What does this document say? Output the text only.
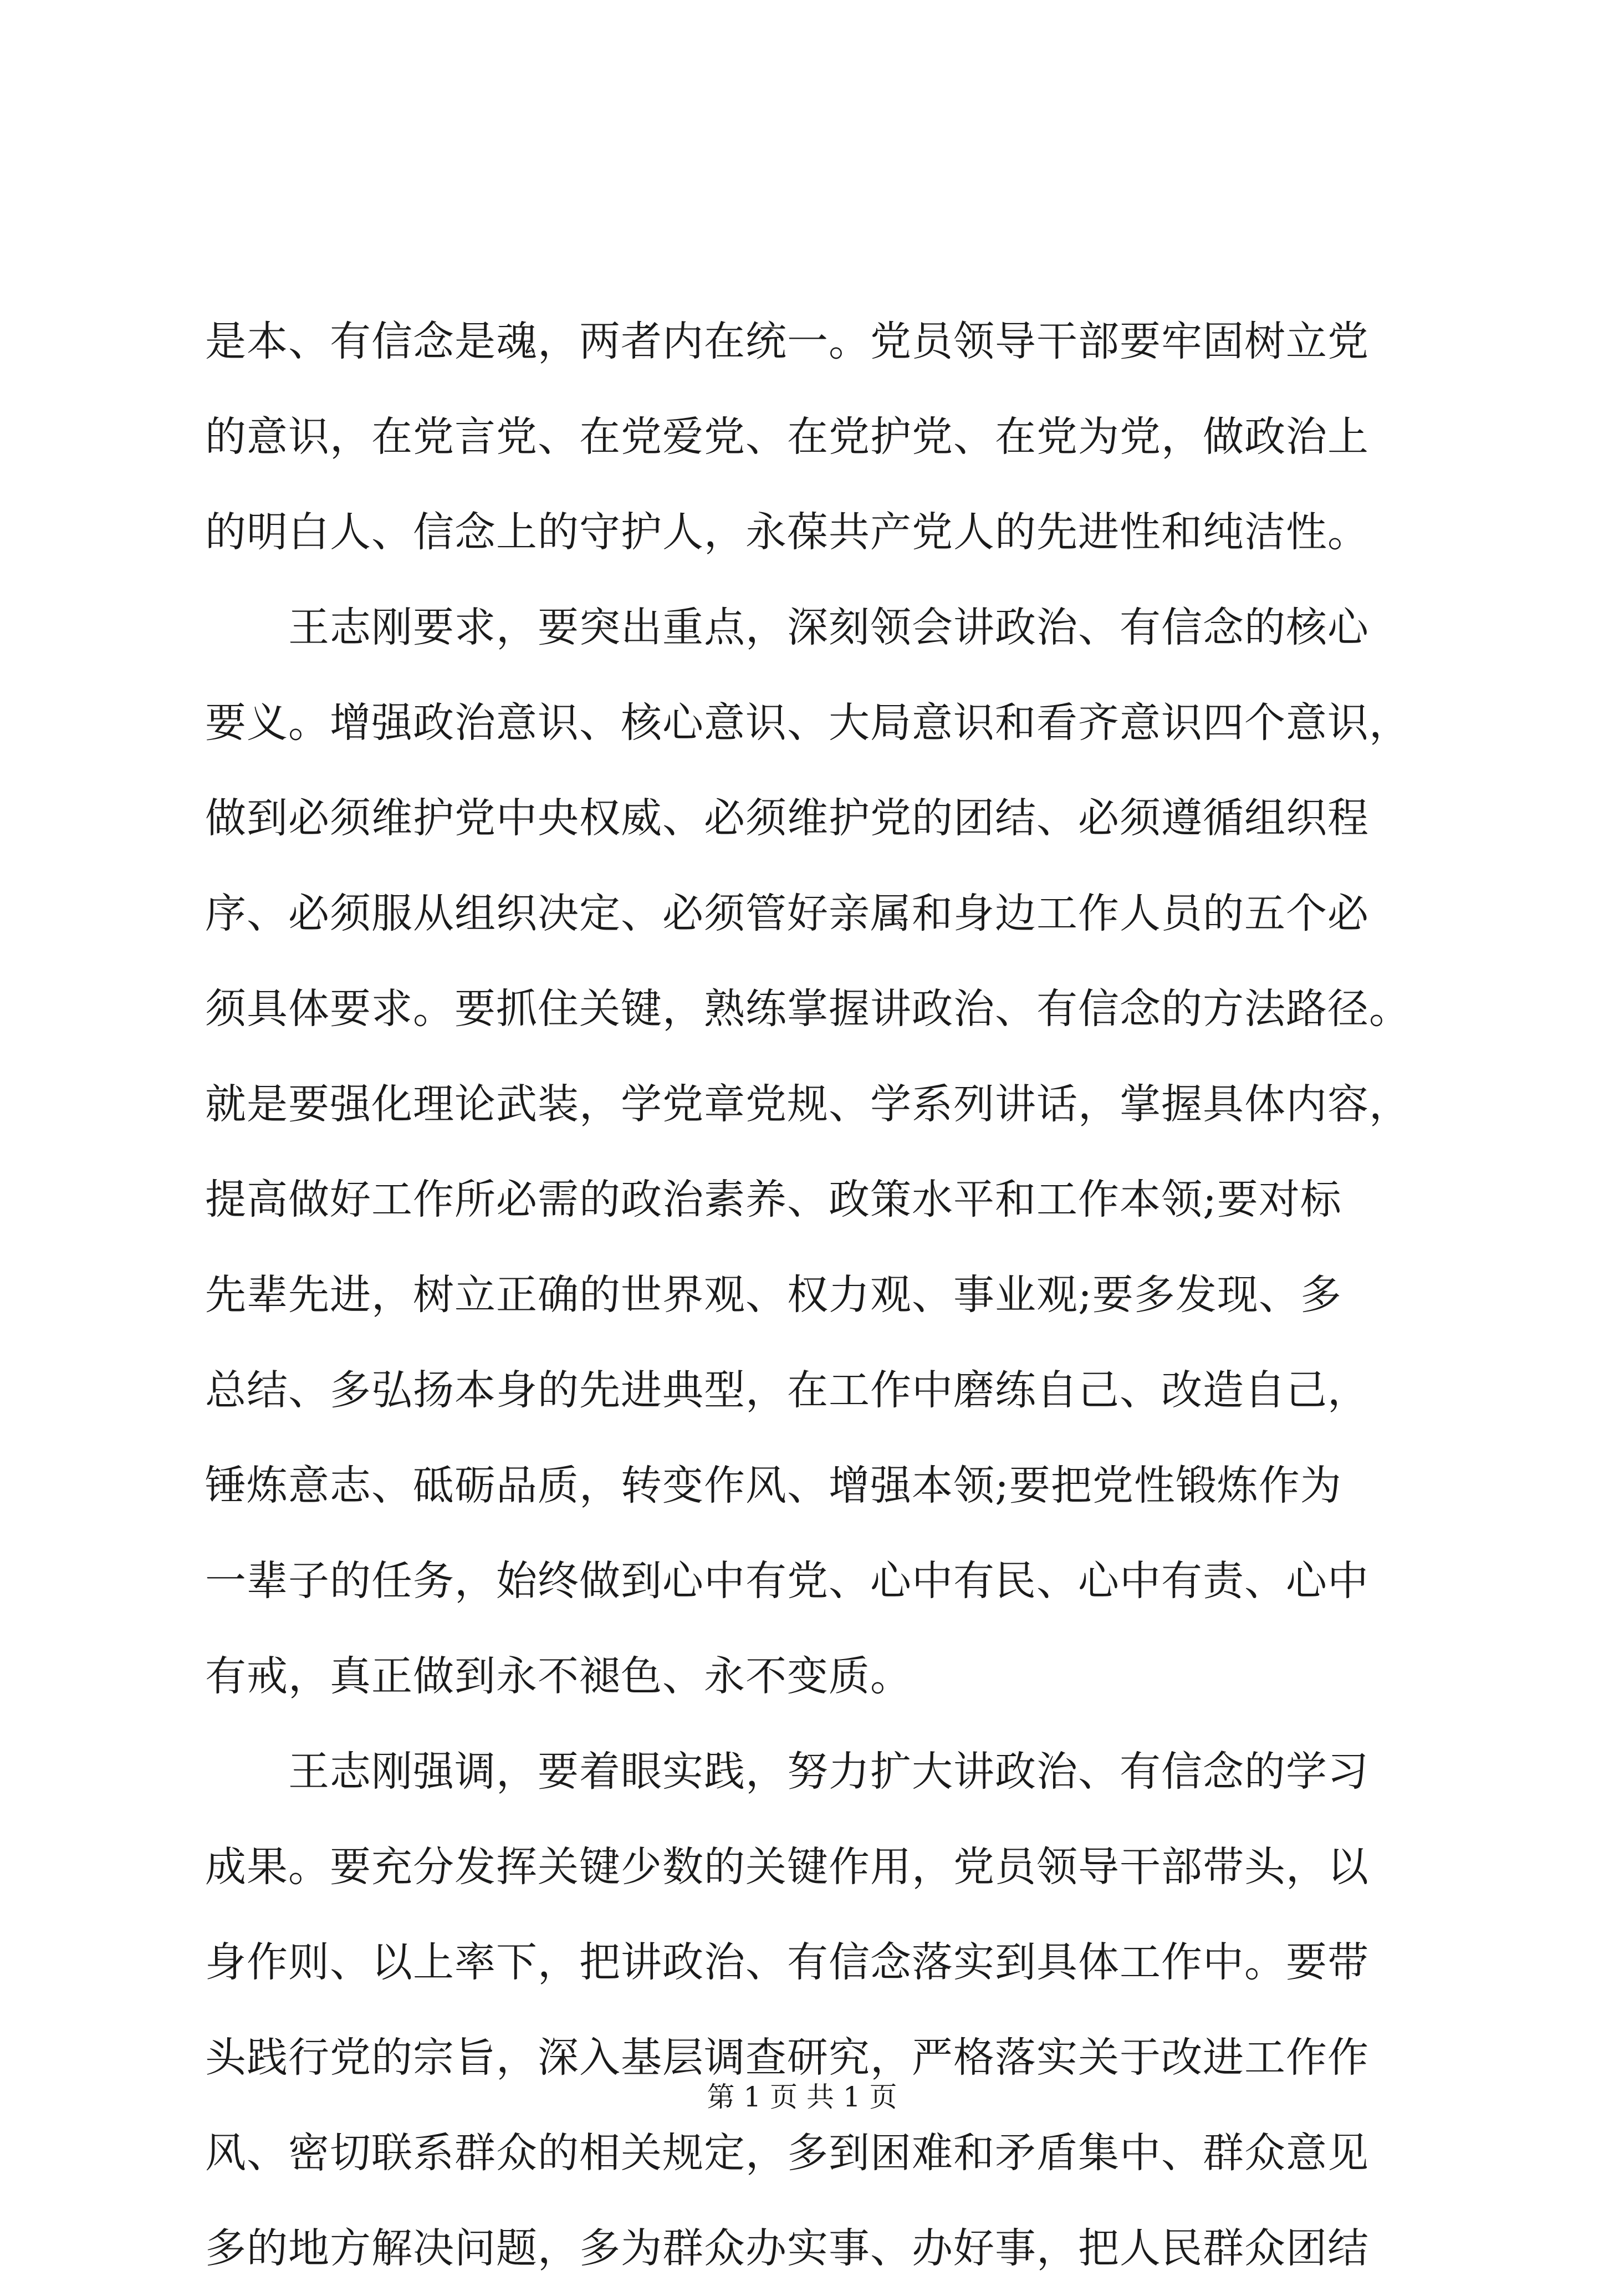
是本、有信念是魂，两者内在统一。党员领导干部要牢固树立党
的意识，在党言党、在党爱党、在党护党、在党为党，做政治上
的明白人、信念上的守护人，永葆共产党人的先进性和纯洁性。
　　王志刚要求，要突出重点，深刻领会讲政治、有信念的核心
要义。增强政治意识、核心意识、大局意识和看齐意识四个意识，
做到必须维护党中央权威、必须维护党的团结、必须遵循组织程
序、必须服从组织决定、必须管好亲属和身边工作人员的五个必
须具体要求。要抓住关键，熟练掌握讲政治、有信念的方法路径。
就是要强化理论武装，学党章党规、学系列讲话，掌握具体内容，
提高做好工作所必需的政治素养、政策水平和工作本领;要对标
先辈先进，树立正确的世界观、权力观、事业观;要多发现、多
总结、多弘扬本身的先进典型，在工作中磨练自己、改造自己，
锤炼意志、砥砺品质，转变作风、增强本领;要把党性锻炼作为
一辈子的任务，始终做到心中有党、心中有民、心中有责、心中
有戒，真正做到永不褪色、永不变质。
　　王志刚强调，要着眼实践，努力扩大讲政治、有信念的学习
成果。要充分发挥关键少数的关键作用，党员领导干部带头，以
身作则、以上率下，把讲政治、有信念落实到具体工作中。要带
头践行党的宗旨，深入基层调查研究，严格落实关于改进工作作
风、密切联系群众的相关规定，多到困难和矛盾集中、群众意见
多的地方解决问题，多为群众办实事、办好事，把人民群众团结
第 1 页 共 1 页
